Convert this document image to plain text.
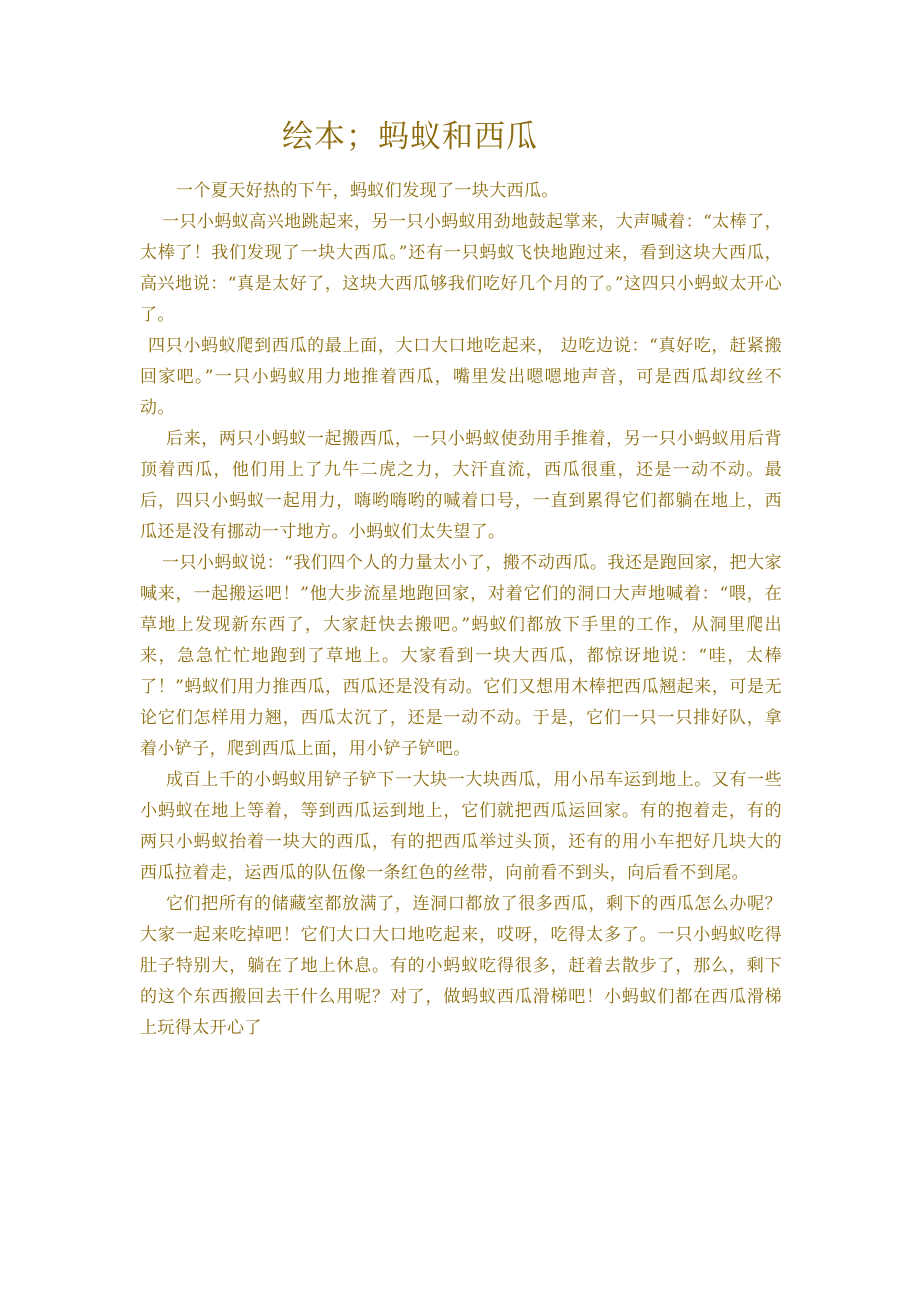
绘本；蚂蚁和西瓜

一个夏天好热的下午，蚂蚁们发现了一块大西瓜。

一只小蚂蚁高兴地跳起来，另一只小蚂蚁用劲地鼓起掌来，大声喊着：“太棒了，太棒了！我们发现了一块大西瓜。”还有一只蚂蚁飞快地跑过来，看到这块大西瓜，高兴地说：“真是太好了，这块大西瓜够我们吃好几个月的了。”这四只小蚂蚁太开心了。

四只小蚂蚁爬到西瓜的最上面，大口大口地吃起来， 边吃边说：“真好吃，赶紧搬回家吧。”一只小蚂蚁用力地推着西瓜，嘴里发出嗯嗯地声音，可是西瓜却纹丝不动。

后来，两只小蚂蚁一起搬西瓜，一只小蚂蚁使劲用手推着，另一只小蚂蚁用后背顶着西瓜，他们用上了九牛二虎之力，大汗直流，西瓜很重，还是一动不动。最后，四只小蚂蚁一起用力，嗨哟嗨哟的喊着口号，一直到累得它们都躺在地上，西瓜还是没有挪动一寸地方。小蚂蚁们太失望了。

一只小蚂蚁说：“我们四个人的力量太小了，搬不动西瓜。我还是跑回家，把大家喊来，一起搬运吧！”他大步流星地跑回家，对着它们的洞口大声地喊着：“喂，在草地上发现新东西了，大家赶快去搬吧。”蚂蚁们都放下手里的工作，从洞里爬出来，急急忙忙地跑到了草地上。大家看到一块大西瓜，都惊讶地说：“哇，太棒了！”蚂蚁们用力推西瓜，西瓜还是没有动。它们又想用木棒把西瓜翘起来，可是无论它们怎样用力翘，西瓜太沉了，还是一动不动。于是，它们一只一只排好队，拿着小铲子，爬到西瓜上面，用小铲子铲吧。

成百上千的小蚂蚁用铲子铲下一大块一大块西瓜，用小吊车运到地上。又有一些小蚂蚁在地上等着，等到西瓜运到地上，它们就把西瓜运回家。有的抱着走，有的两只小蚂蚁抬着一块大的西瓜，有的把西瓜举过头顶，还有的用小车把好几块大的西瓜拉着走，运西瓜的队伍像一条红色的丝带，向前看不到头，向后看不到尾。

它们把所有的储藏室都放满了，连洞口都放了很多西瓜，剩下的西瓜怎么办呢？大家一起来吃掉吧！它们大口大口地吃起来，哎呀，吃得太多了。一只小蚂蚁吃得肚子特别大，躺在了地上休息。有的小蚂蚁吃得很多，赶着去散步了，那么，剩下的这个东西搬回去干什么用呢？对了，做蚂蚁西瓜滑梯吧！小蚂蚁们都在西瓜滑梯上玩得太开心了
